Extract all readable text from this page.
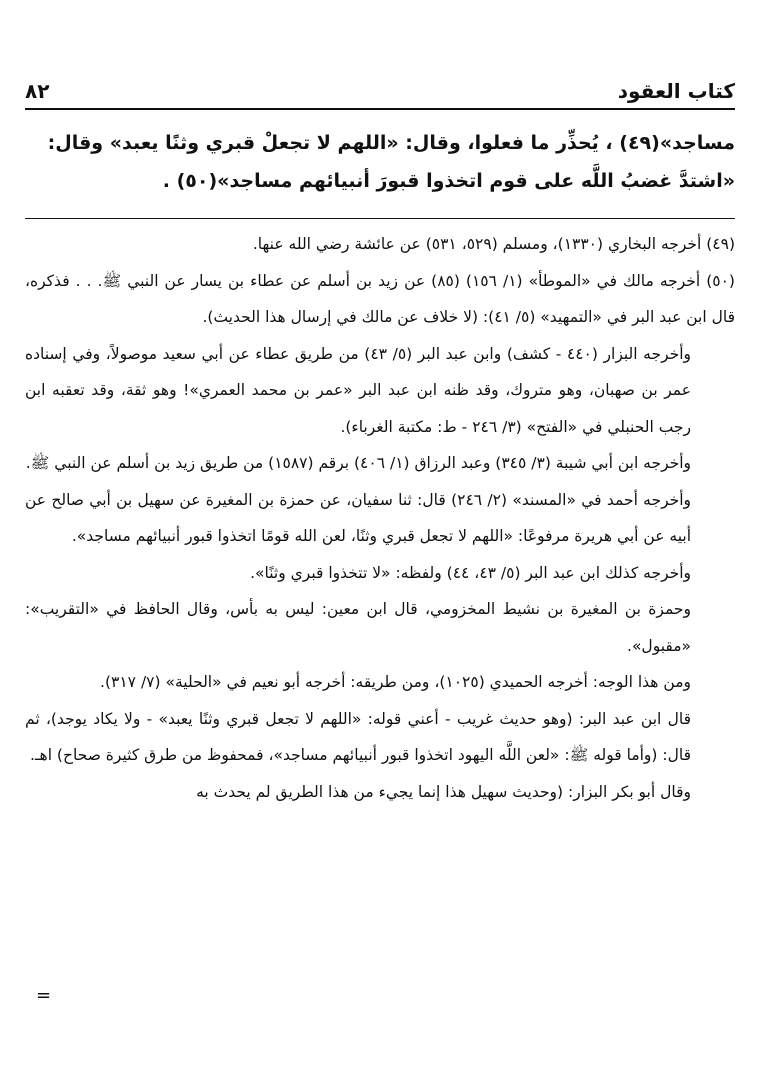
كتاب العقود
٨٢

مساجد»(٤٩) ، يُحذِّر ما فعلوا، وقال: «اللهم لا تجعلْ قبري وثنًا يعبد» وقال:

«اشتدَّ غضبُ اللَّه على قوم اتخذوا قبورَ أنبيائهم مساجد»(٥٠) .

(٤٩) أخرجه البخاري (١٣٣٠)، ومسلم (٥٢٩، ٥٣١) عن عائشة رضي الله عنها.

(٥٠) أخرجه مالك في «الموطأ» (١/ ١٥٦) (٨٥) عن زيد بن أسلم عن عطاء بن يسار عن النبي ﷺ. . . فذكره، قال ابن عبد البر في «التمهيد» (٥/ ٤١): (لا خلاف عن مالك في إرسال هذا الحديث).

وأخرجه البزار (٤٤٠ - كشف) وابن عبد البر (٥/ ٤٣) من طريق عطاء عن أبي سعيد موصولاً، وفي إسناده عمر بن صهبان، وهو متروك، وقد ظنه ابن عبد البر «عمر بن محمد العمري»! وهو ثقة، وقد تعقبه ابن رجب الحنبلي في «الفتح» (٣/ ٢٤٦ - ط: مكتبة الغرباء).

وأخرجه ابن أبي شيبة (٣/ ٣٤٥) وعبد الرزاق (١/ ٤٠٦) برقم (١٥٨٧) من طريق زيد بن أسلم عن النبي ﷺ.

وأخرجه أحمد في «المسند» (٢/ ٢٤٦) قال: ثنا سفيان، عن حمزة بن المغيرة عن سهيل بن أبي صالح عن أبيه عن أبي هريرة مرفوعًا: «اللهم لا تجعل قبري وثنًا، لعن الله قومًا اتخذوا قبور أنبيائهم مساجد».

وأخرجه كذلك ابن عبد البر (٥/ ٤٣، ٤٤) ولفظه: «لا تتخذوا قبري وثنًا».

وحمزة بن المغيرة بن نشيط المخزومي، قال ابن معين: ليس به بأس، وقال الحافظ في «التقريب»: «مقبول».

ومن هذا الوجه: أخرجه الحميدي (١٠٢٥)، ومن طريقه: أخرجه أبو نعيم في «الحلية» (٧/ ٣١٧).

قال ابن عبد البر: (وهو حديث غريب - أعني قوله: «اللهم لا تجعل قبري وثنًا يعبد» - ولا يكاد يوجد)، ثم قال: (وأما قوله ﷺ: «لعن اللَّه اليهود اتخذوا قبور أنبيائهم مساجد»، فمحفوظ من طرق كثيرة صحاح) اهـ.

وقال أبو بكر البزار: (وحديث سهيل هذا إنما يجيء من هذا الطريق لم يحدث به

=
